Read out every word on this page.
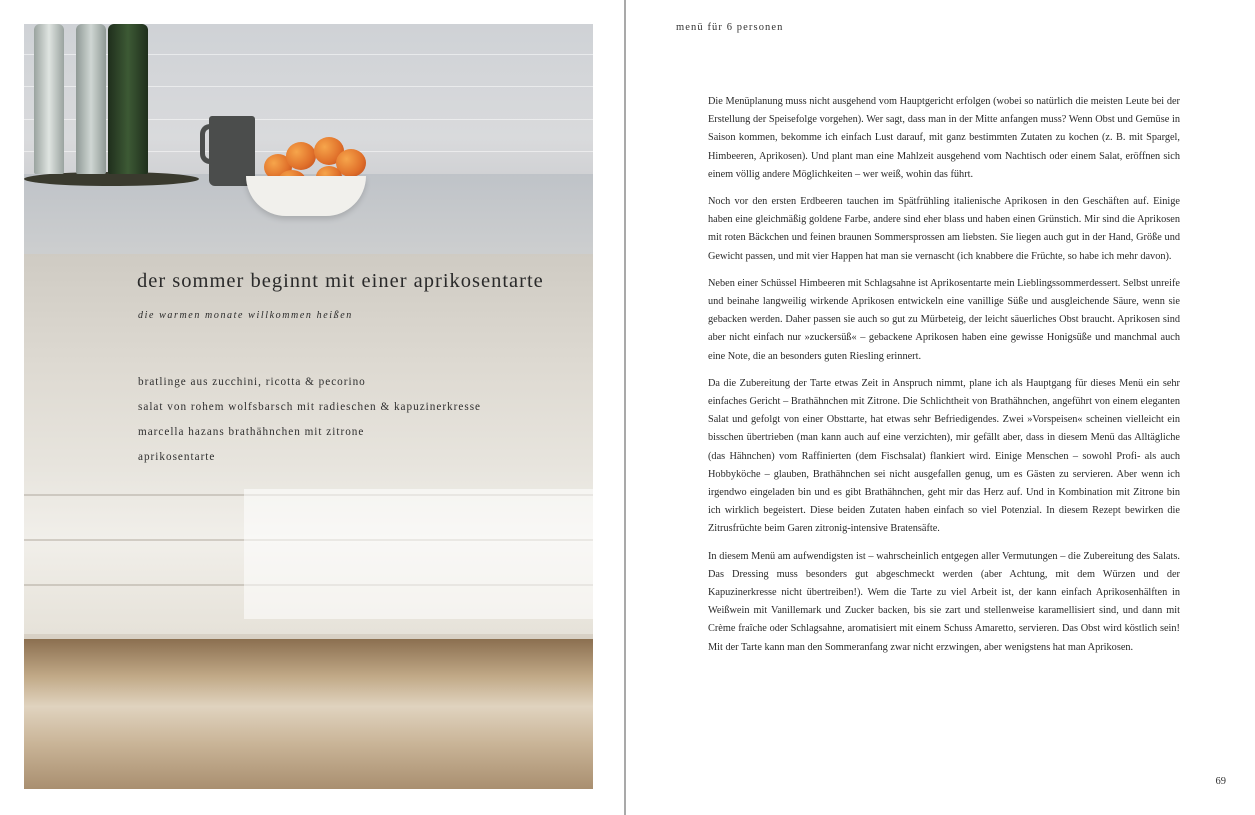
der sommer beginnt mit einer aprikosentarte
die warmen monate willkommen heißen
bratlinge aus zucchini, ricotta & pecorino
salat von rohem wolfsbarsch mit radieschen & kapuzinerkresse
marcella hazans brathähnchen mit zitrone
aprikosentarte
menü für 6 personen

Die Menüplanung muss nicht ausgehend vom Hauptgericht erfolgen (wobei so natürlich die meisten Leute bei der Erstellung der Speisefolge vorgehen). Wer sagt, dass man in der Mitte anfangen muss? Wenn Obst und Gemüse in Saison kommen, bekomme ich einfach Lust darauf, mit ganz bestimmten Zutaten zu kochen (z. B. mit Spargel, Himbeeren, Aprikosen). Und plant man eine Mahlzeit ausgehend vom Nachtisch oder einem Salat, eröffnen sich einem völlig andere Möglichkeiten – wer weiß, wohin das führt.

Noch vor den ersten Erdbeeren tauchen im Spätfrühling italienische Aprikosen in den Geschäften auf. Einige haben eine gleichmäßig goldene Farbe, andere sind eher blass und haben einen Grünstich. Mir sind die Aprikosen mit roten Bäckchen und feinen braunen Sommersprossen am liebsten. Sie liegen auch gut in der Hand, Größe und Gewicht passen, und mit vier Happen hat man sie vernascht (ich knabbere die Früchte, so habe ich mehr davon).

Neben einer Schüssel Himbeeren mit Schlagsahne ist Aprikosentarte mein Lieblingssommerdessert. Selbst unreife und beinahe langweilig wirkende Aprikosen entwickeln eine vanillige Süße und ausgleichende Säure, wenn sie gebacken werden. Daher passen sie auch so gut zu Mürbeteig, der leicht säuerliches Obst braucht. Aprikosen sind aber nicht einfach nur »zuckersüß« – gebackene Aprikosen haben eine gewisse Honigsüße und manchmal auch eine Note, die an besonders guten Riesling erinnert.

Da die Zubereitung der Tarte etwas Zeit in Anspruch nimmt, plane ich als Hauptgang für dieses Menü ein sehr einfaches Gericht – Brathähnchen mit Zitrone. Die Schlichtheit von Brathähnchen, angeführt von einem eleganten Salat und gefolgt von einer Obsttarte, hat etwas sehr Befriedigendes. Zwei »Vorspeisen« scheinen vielleicht ein bisschen übertrieben (man kann auch auf eine verzichten), mir gefällt aber, dass in diesem Menü das Alltägliche (das Hähnchen) vom Raffinierten (dem Fischsalat) flankiert wird. Einige Menschen – sowohl Profi- als auch Hobbyköche – glauben, Brathähnchen sei nicht ausgefallen genug, um es Gästen zu servieren. Aber wenn ich irgendwo eingeladen bin und es gibt Brathähnchen, geht mir das Herz auf. Und in Kombination mit Zitrone bin ich wirklich begeistert. Diese beiden Zutaten haben einfach so viel Potenzial. In diesem Rezept bewirken die Zitrusfrüchte beim Garen zitronig-intensive Bratensäfte.

In diesem Menü am aufwendigsten ist – wahrscheinlich entgegen aller Vermutungen – die Zubereitung des Salats. Das Dressing muss besonders gut abgeschmeckt werden (aber Achtung, mit dem Würzen und der Kapuzinerkresse nicht übertreiben!). Wem die Tarte zu viel Arbeit ist, der kann einfach Aprikosenhälften in Weißwein mit Vanillemark und Zucker backen, bis sie zart und stellenweise karamellisiert sind, und dann mit Crème fraîche oder Schlagsahne, aromatisiert mit einem Schuss Amaretto, servieren. Das Obst wird köstlich sein! Mit der Tarte kann man den Sommeranfang zwar nicht erzwingen, aber wenigstens hat man Aprikosen.

69
